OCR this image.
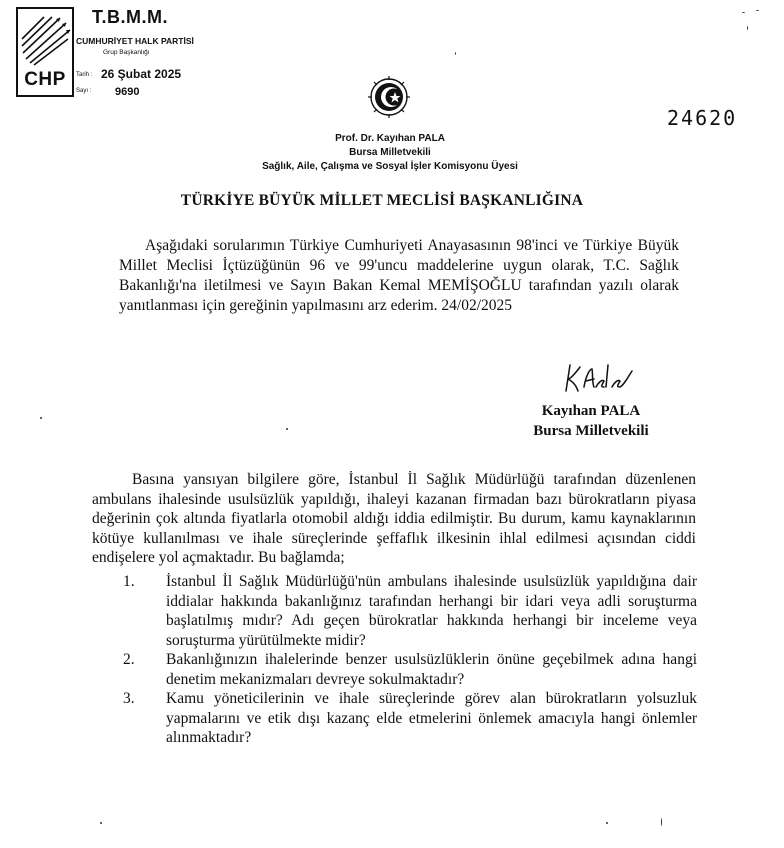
CHP
T.B.M.M.
CUMHURİYET HALK PARTİSİ
Grup Başkanlığı
Tarih : 26 Şubat 2025
Sayı : 9690
24620
Prof. Dr. Kayıhan PALA
Bursa Milletvekili
Sağlık, Aile, Çalışma ve Sosyal İşler Komisyonu Üyesi
TÜRKİYE BÜYÜK MİLLET MECLİSİ BAŞKANLIĞINA
Aşağıdaki sorularımın Türkiye Cumhuriyeti Anayasasının 98'inci ve Türkiye Büyük Millet Meclisi İçtüzüğünün 96 ve 99'uncu maddelerine uygun olarak, T.C. Sağlık Bakanlığı'na iletilmesi ve Sayın Bakan Kemal MEMİŞOĞLU tarafından yazılı olarak yanıtlanması için gereğinin yapılmasını arz ederim. 24/02/2025
Kayıhan PALA
Bursa Milletvekili
Basına yansıyan bilgilere göre, İstanbul İl Sağlık Müdürlüğü tarafından düzenlenen ambulans ihalesinde usulsüzlük yapıldığı, ihaleyi kazanan firmadan bazı bürokratların piyasa değerinin çok altında fiyatlarla otomobil aldığı iddia edilmiştir. Bu durum, kamu kaynaklarının kötüye kullanılması ve ihale süreçlerinde şeffaflık ilkesinin ihlal edilmesi açısından ciddi endişelere yol açmaktadır. Bu bağlamda;
1.	İstanbul İl Sağlık Müdürlüğü'nün ambulans ihalesinde usulsüzlük yapıldığına dair iddialar hakkında bakanlığınız tarafından herhangi bir idari veya adli soruşturma başlatılmış mıdır? Adı geçen bürokratlar hakkında herhangi bir inceleme veya soruşturma yürütülmekte midir?
2.	Bakanlığınızın ihalelerinde benzer usulsüzlüklerin önüne geçebilmek adına hangi denetim mekanizmaları devreye sokulmaktadır?
3.	Kamu yöneticilerinin ve ihale süreçlerinde görev alan bürokratların yolsuzluk yapmalarını ve etik dışı kazanç elde etmelerini önlemek amacıyla hangi önlemler alınmaktadır?
